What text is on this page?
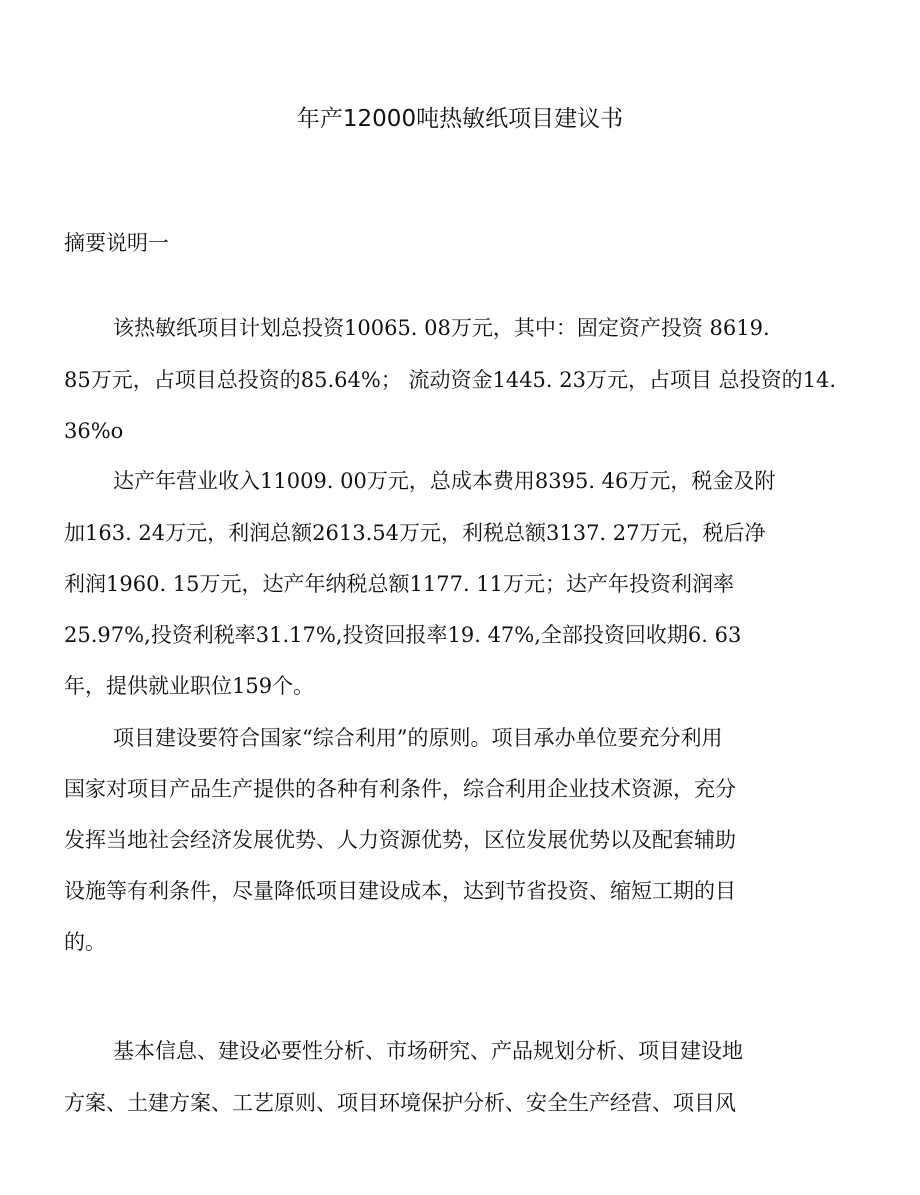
年产12000吨热敏纸项目建议书
摘要说明一
该热敏纸项目计划总投资10065. 08万元，其中：固定资产投资 8619.
85万元，占项目总投资的85.64%； 流动资金1445. 23万元，占项目 总投资的14.
36%o
达产年营业收入11009. 00万元，总成本费用8395. 46万元，税金及附
加163. 24万元，利润总额2613.54万元，利税总额3137. 27万元，税后净
利润1960. 15万元，达产年纳税总额1177. 11万元；达产年投资利润率
25.97%,投资利税率31.17%,投资回报率19. 47%,全部投资回收期6. 63
年，提供就业职位159个。
项目建设要符合国家“综合利用”的原则。项目承办单位要充分利用
国家对项目产品生产提供的各种有利条件，综合利用企业技术资源，充分
发挥当地社会经济发展优势、人力资源优势，区位发展优势以及配套辅助
设施等有利条件，尽量降低项目建设成本，达到节省投资、缩短工期的目
的。
基本信息、建设必要性分析、市场研究、产品规划分析、项目建设地
方案、土建方案、工艺原则、项目环境保护分析、安全生产经营、项目风
